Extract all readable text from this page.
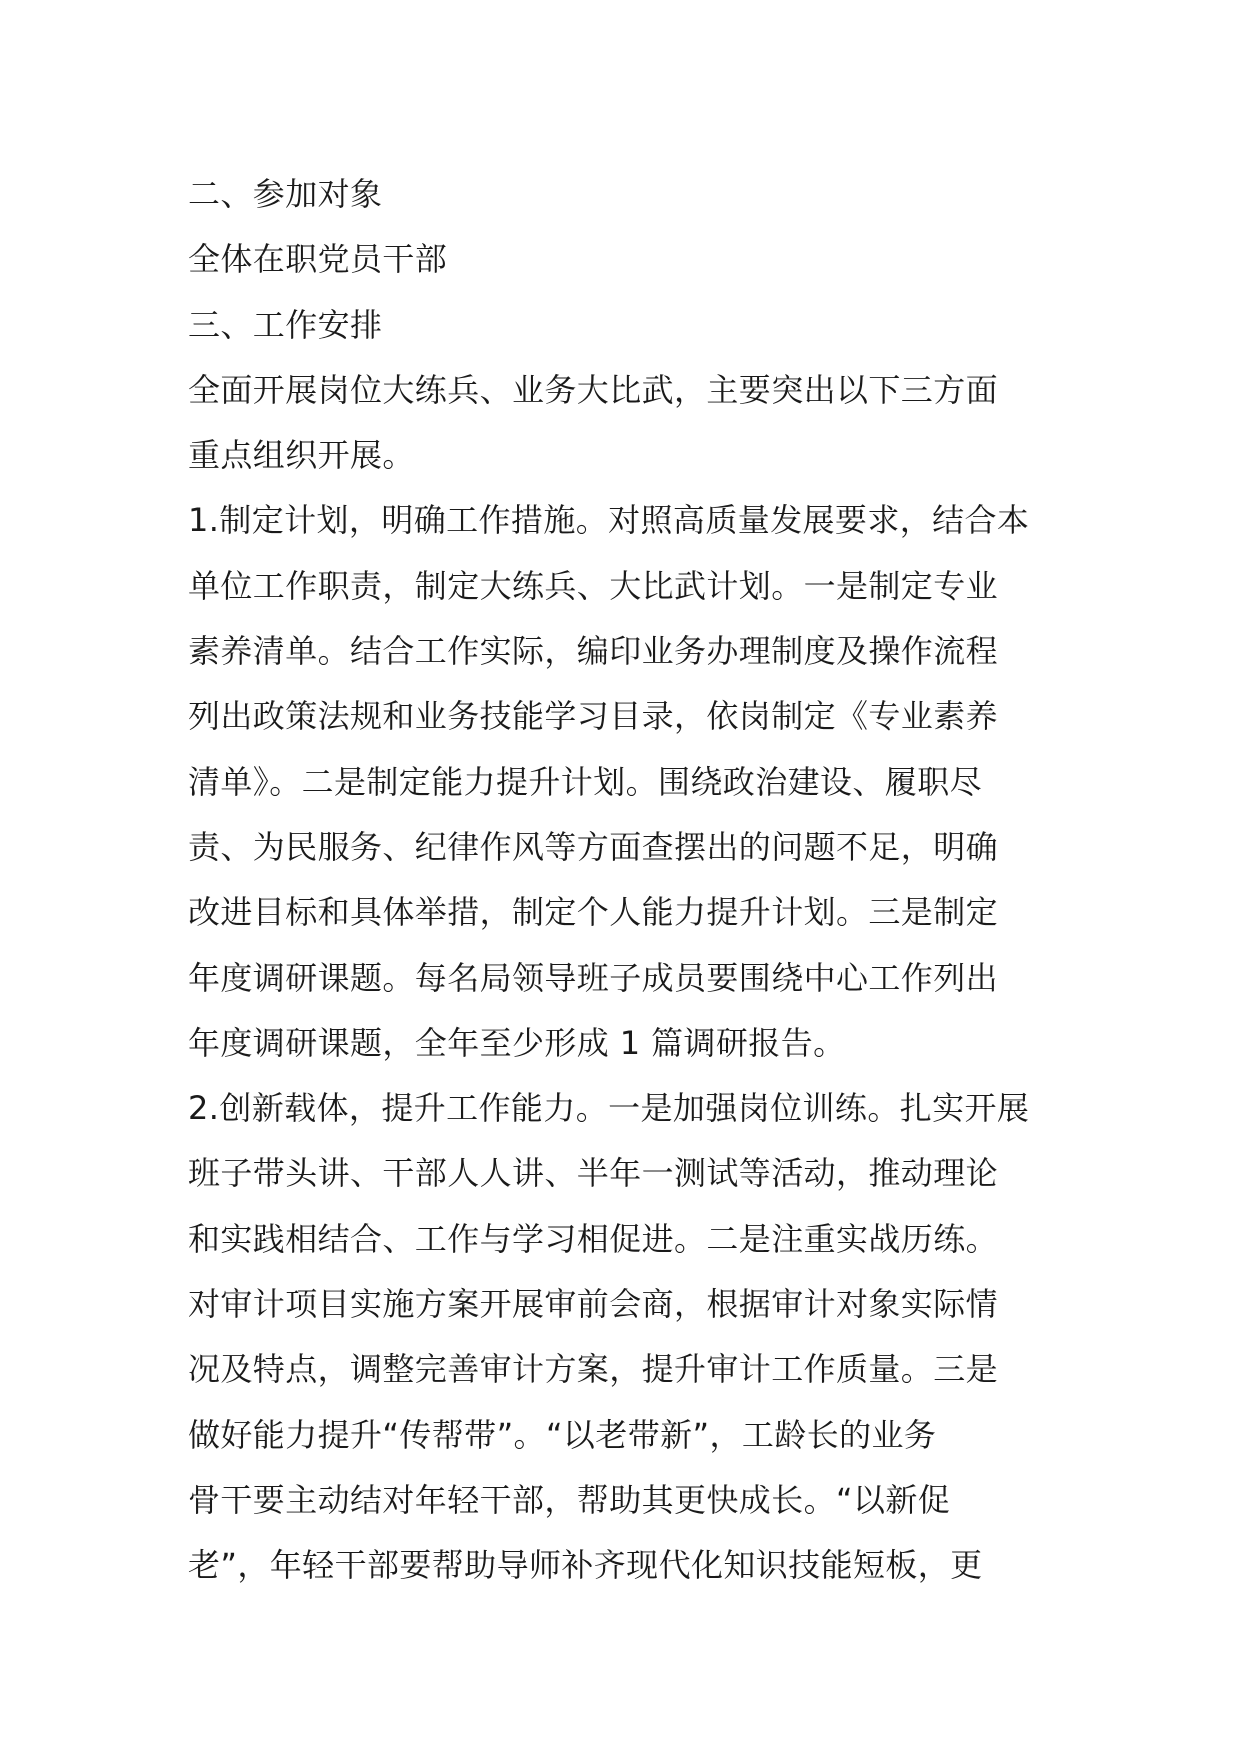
二、参加对象
全体在职党员干部
三、工作安排
全面开展岗位大练兵、业务大比武，主要突出以下三方面
重点组织开展。
1.制定计划，明确工作措施。对照高质量发展要求，结合本
单位工作职责，制定大练兵、大比武计划。一是制定专业
素养清单。结合工作实际，编印业务办理制度及操作流程
列出政策法规和业务技能学习目录，依岗制定《专业素养
清单》。二是制定能力提升计划。围绕政治建设、履职尽
责、为民服务、纪律作风等方面查摆出的问题不足，明确
改进目标和具体举措，制定个人能力提升计划。三是制定
年度调研课题。每名局领导班子成员要围绕中心工作列出
年度调研课题，全年至少形成 1 篇调研报告。
2.创新载体，提升工作能力。一是加强岗位训练。扎实开展
班子带头讲、干部人人讲、半年一测试等活动，推动理论
和实践相结合、工作与学习相促进。二是注重实战历练。
对审计项目实施方案开展审前会商，根据审计对象实际情
况及特点，调整完善审计方案，提升审计工作质量。三是
做好能力提升“传帮带”。“以老带新”，工龄长的业务
骨干要主动结对年轻干部，帮助其更快成长。“以新促
老”，年轻干部要帮助导师补齐现代化知识技能短板，更
